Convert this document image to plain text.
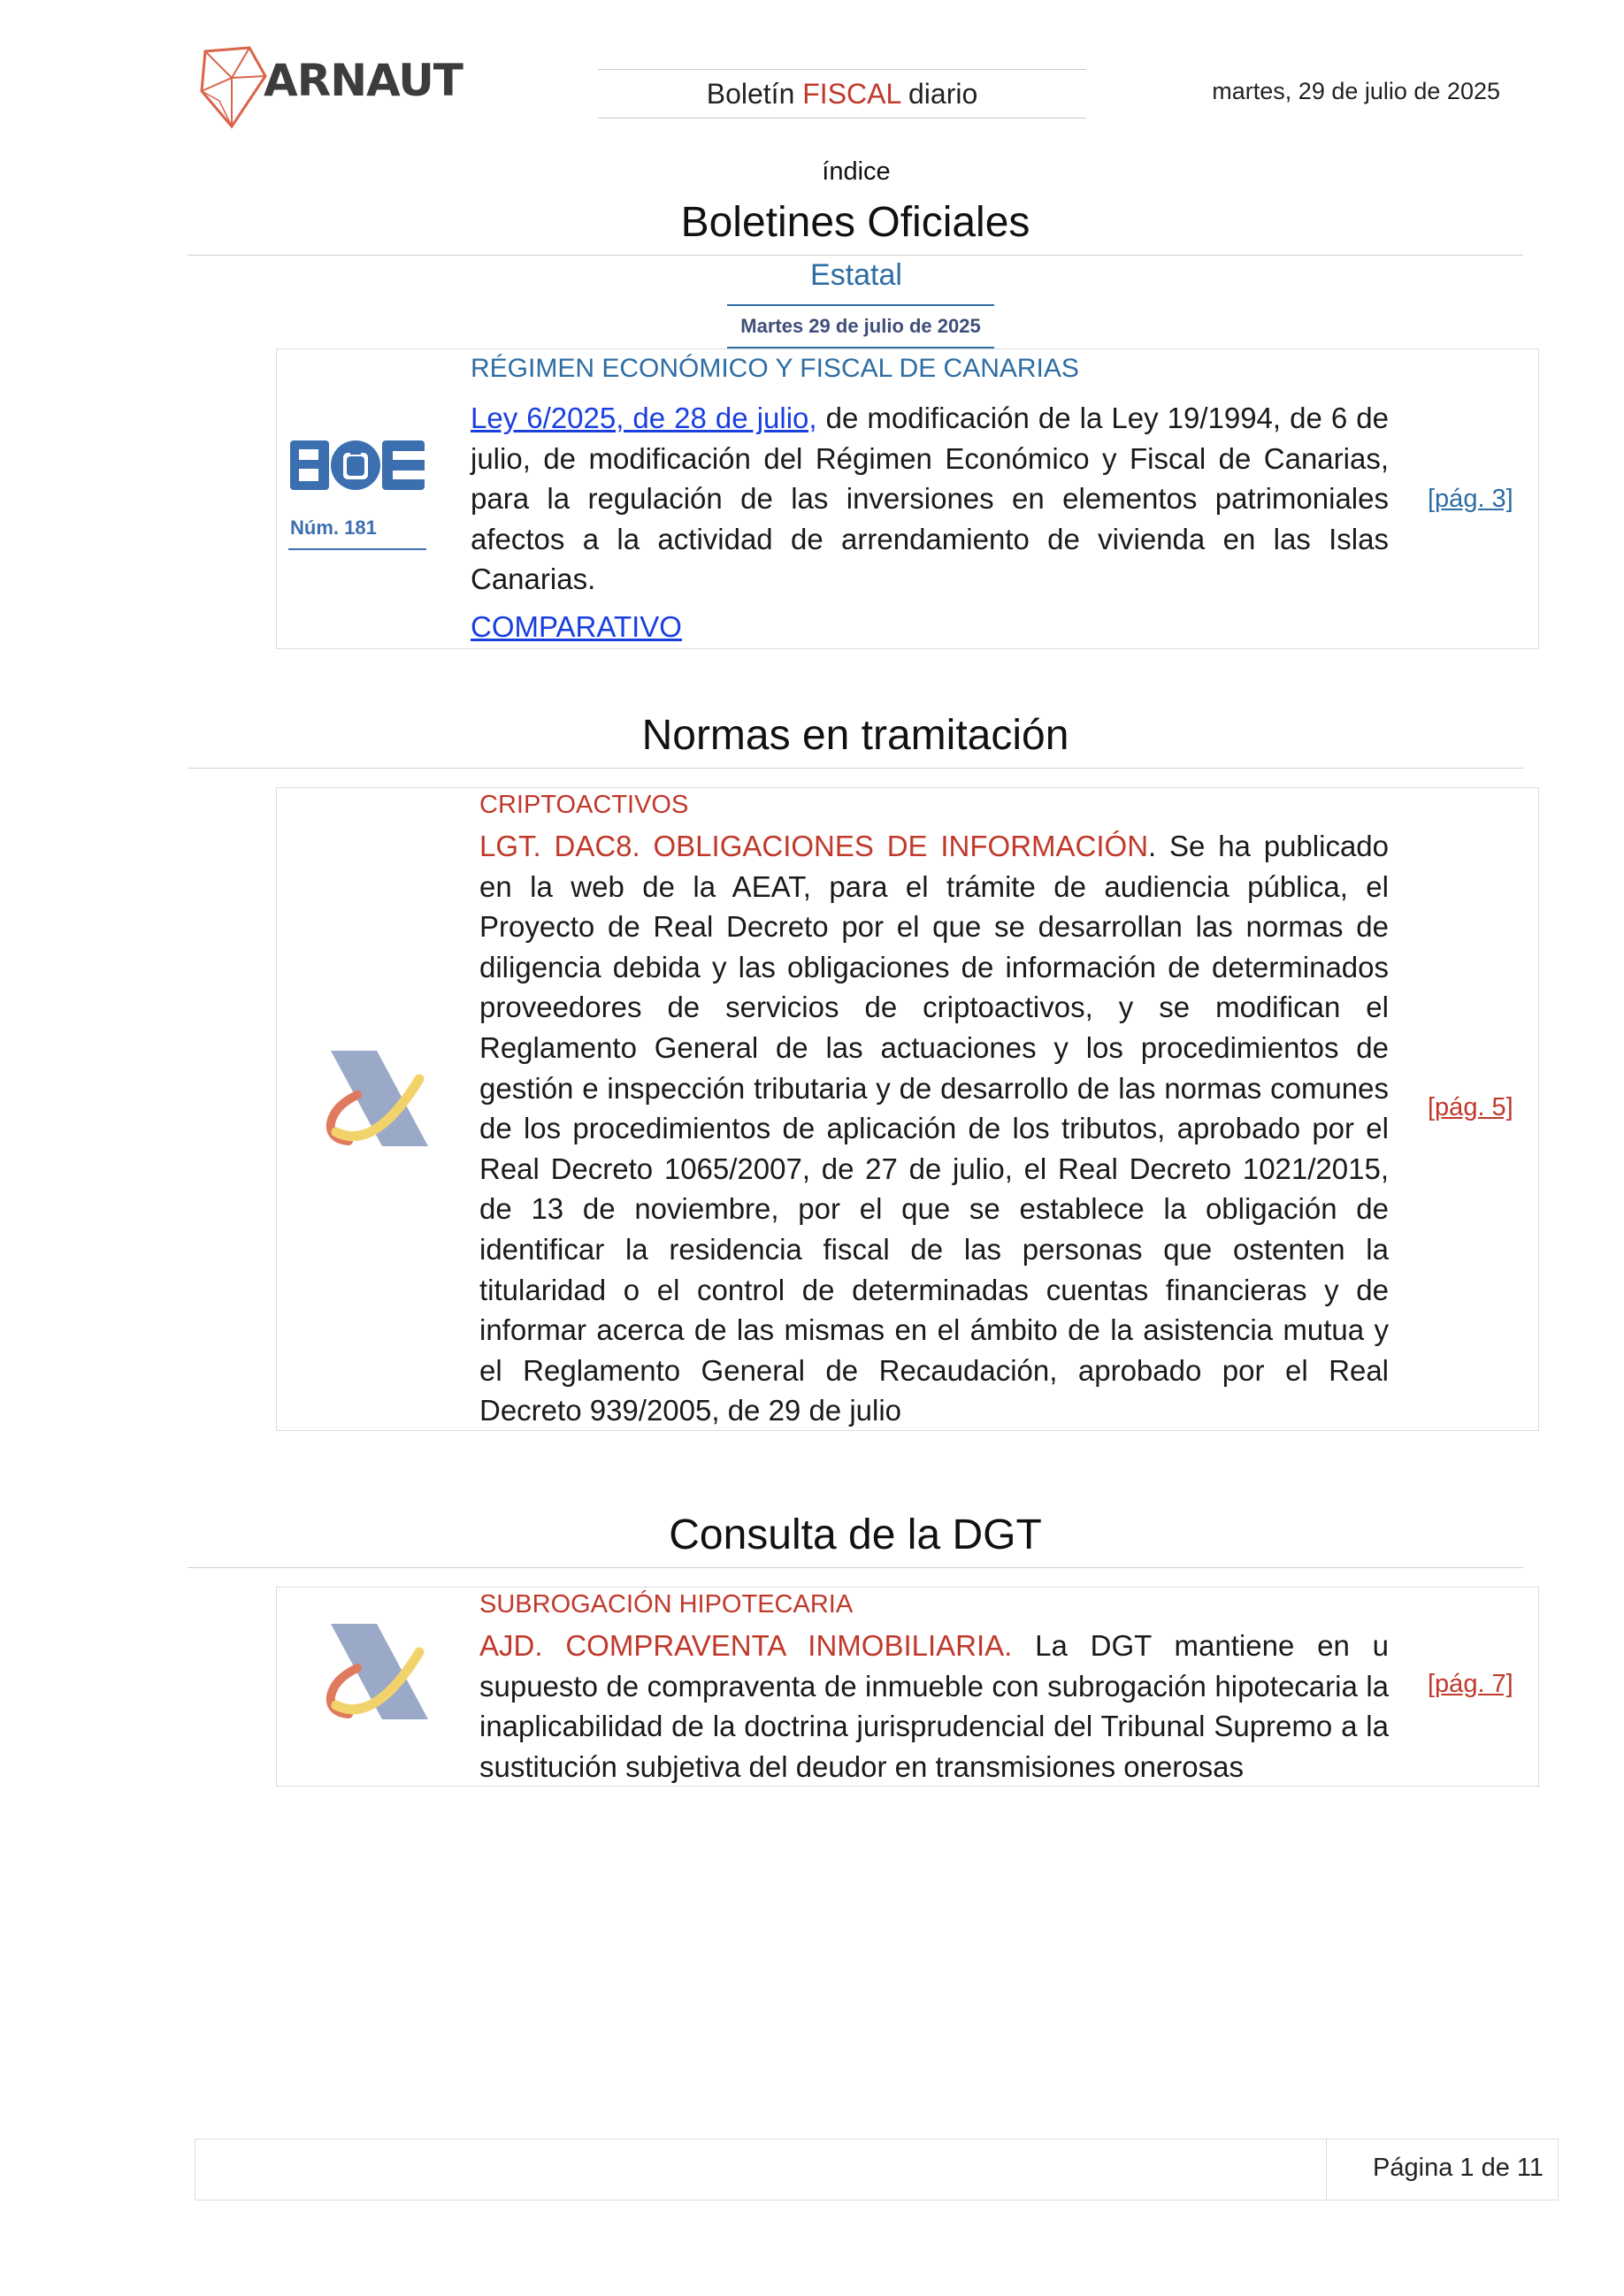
ARNAUT	Boletín FISCAL diario	martes, 29 de julio de 2025
índice
Boletines Oficiales
Estatal
Martes 29 de julio de 2025
Núm. 181
RÉGIMEN ECONÓMICO Y FISCAL DE CANARIAS
Ley 6/2025, de 28 de julio, de modificación de la Ley 19/1994, de 6 de julio, de modificación del Régimen Económico y Fiscal de Canarias, para la regulación de las inversiones en elementos patrimoniales afectos a la actividad de arrendamiento de vivienda en las Islas Canarias.
COMPARATIVO
[pág. 3]
Normas en tramitación
CRIPTOACTIVOS
LGT. DAC8. OBLIGACIONES DE INFORMACIÓN. Se ha publicado en la web de la AEAT, para el trámite de audiencia pública, el Proyecto de Real Decreto por el que se desarrollan las normas de diligencia debida y las obligaciones de información de determinados proveedores de servicios de criptoactivos, y se modifican el Reglamento General de las actuaciones y los procedimientos de gestión e inspección tributaria y de desarrollo de las normas comunes de los procedimientos de aplicación de los tributos, aprobado por el Real Decreto 1065/2007, de 27 de julio, el Real Decreto 1021/2015, de 13 de noviembre, por el que se establece la obligación de identificar la residencia fiscal de las personas que ostenten la titularidad o el control de determinadas cuentas financieras y de informar acerca de las mismas en el ámbito de la asistencia mutua y el Reglamento General de Recaudación, aprobado por el Real Decreto 939/2005, de 29 de julio
[pág. 5]
Consulta de la DGT
SUBROGACIÓN HIPOTECARIA
AJD. COMPRAVENTA INMOBILIARIA. La DGT mantiene en u supuesto de compraventa de inmueble con subrogación hipotecaria la inaplicabilidad de la doctrina jurisprudencial del Tribunal Supremo a la sustitución subjetiva del deudor en transmisiones onerosas
[pág. 7]
Página 1 de 11
